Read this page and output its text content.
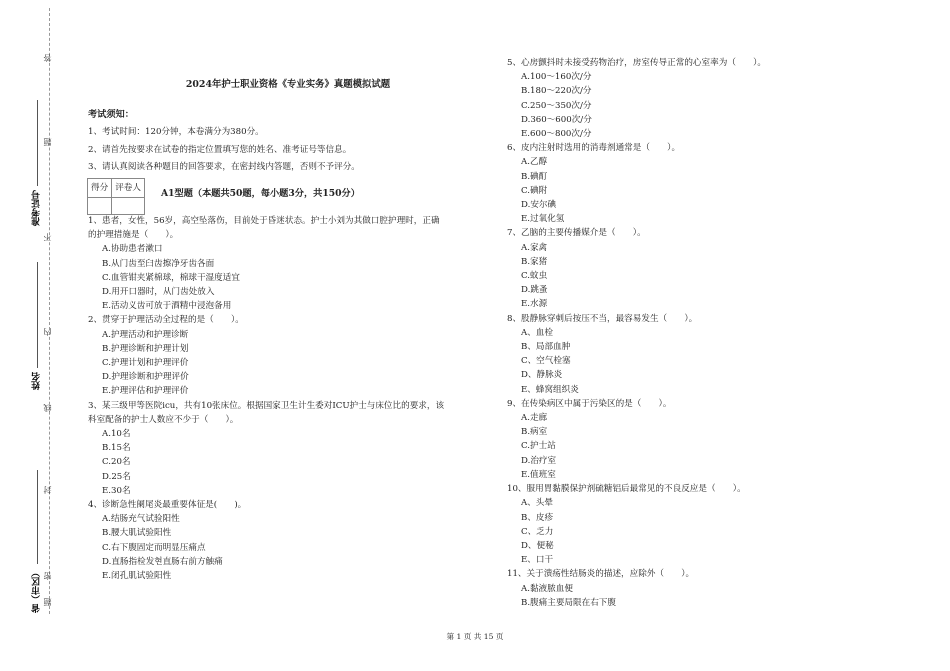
答
题
不
内
线
封
密
题
准考证号
姓名
省（市区）
2024年护士职业资格《专业实务》真题模拟试题
考试须知：
1、考试时间：120分钟，本卷满分为380分。
2、请首先按要求在试卷的指定位置填写您的姓名、准考证号等信息。
3、请认真阅读各种题目的回答要求，在密封线内答题，否则不予评分。
得分	评卷人
	A1型题（本题共50题，每小题3分，共150分）
1、患者，女性，56岁，高空坠落伤，目前处于昏迷状态。护士小刘为其做口腔护理时，正确
的护理措施是（　　）。
A.协助患者漱口
B.从门齿至臼齿擦净牙齿各面
C.血管钳夹紧棉球，棉球干湿度适宜
D.用开口器时，从门齿处放入
E.活动义齿可放于酒精中浸泡备用
2、贯穿于护理活动全过程的是（　　）。
A.护理活动和护理诊断
B.护理诊断和护理计划
C.护理计划和护理评价
D.护理诊断和护理评价
E.护理评估和护理评价
3、某三级甲等医院icu，共有10张床位。根据国家卫生计生委对ICU护士与床位比的要求，该
科室配备的护士人数应不少于（　　）。
A.10名
B.15名
C.20名
D.25名
E.30名
4、诊断急性阑尾炎最重要体征是(　　)。
A.结肠充气试验阳性
B.腰大肌试验阳性
C.右下腹固定而明显压痛点
D.直肠指检发현直肠右前方触痛
E.闭孔肌试验阳性
5、心房颤抖时未接受药物治疗，房室传导正常的心室率为（　　）。
A.100～160次/分
B.180～220次/分
C.250～350次/分
D.360～600次/分
E.600～800次/分
6、皮内注射时选用的消毒剂通常是（　　）。
A.乙醇
B.碘酊
C.碘附
D.安尔碘
E.过氧化氢
7、乙脑的主要传播媒介是（　　）。
A.家禽
B.家猪
C.蚊虫
D.跳蚤
E.水源
8、股静脉穿刺后按压不当，最容易发生（　　）。
A、血栓
B、局部血肿
C、空气栓塞
D、静脉炎
E、蜂窝组织炎
9、在传染病区中属于污染区的是（　　）。
A.走廊
B.病室
C.护士站
D.治疗室
E.值班室
10、服用胃黏膜保护剂硫糖铝后最常见的不良反应是（　　）。
A、头晕
B、皮疹
C、乏力
D、便秘
E、口干
11、关于溃疡性结肠炎的描述，应除外（　　）。
A.黏液脓血便
B.腹痛主要局限在右下腹
第 1 页 共 15 页
